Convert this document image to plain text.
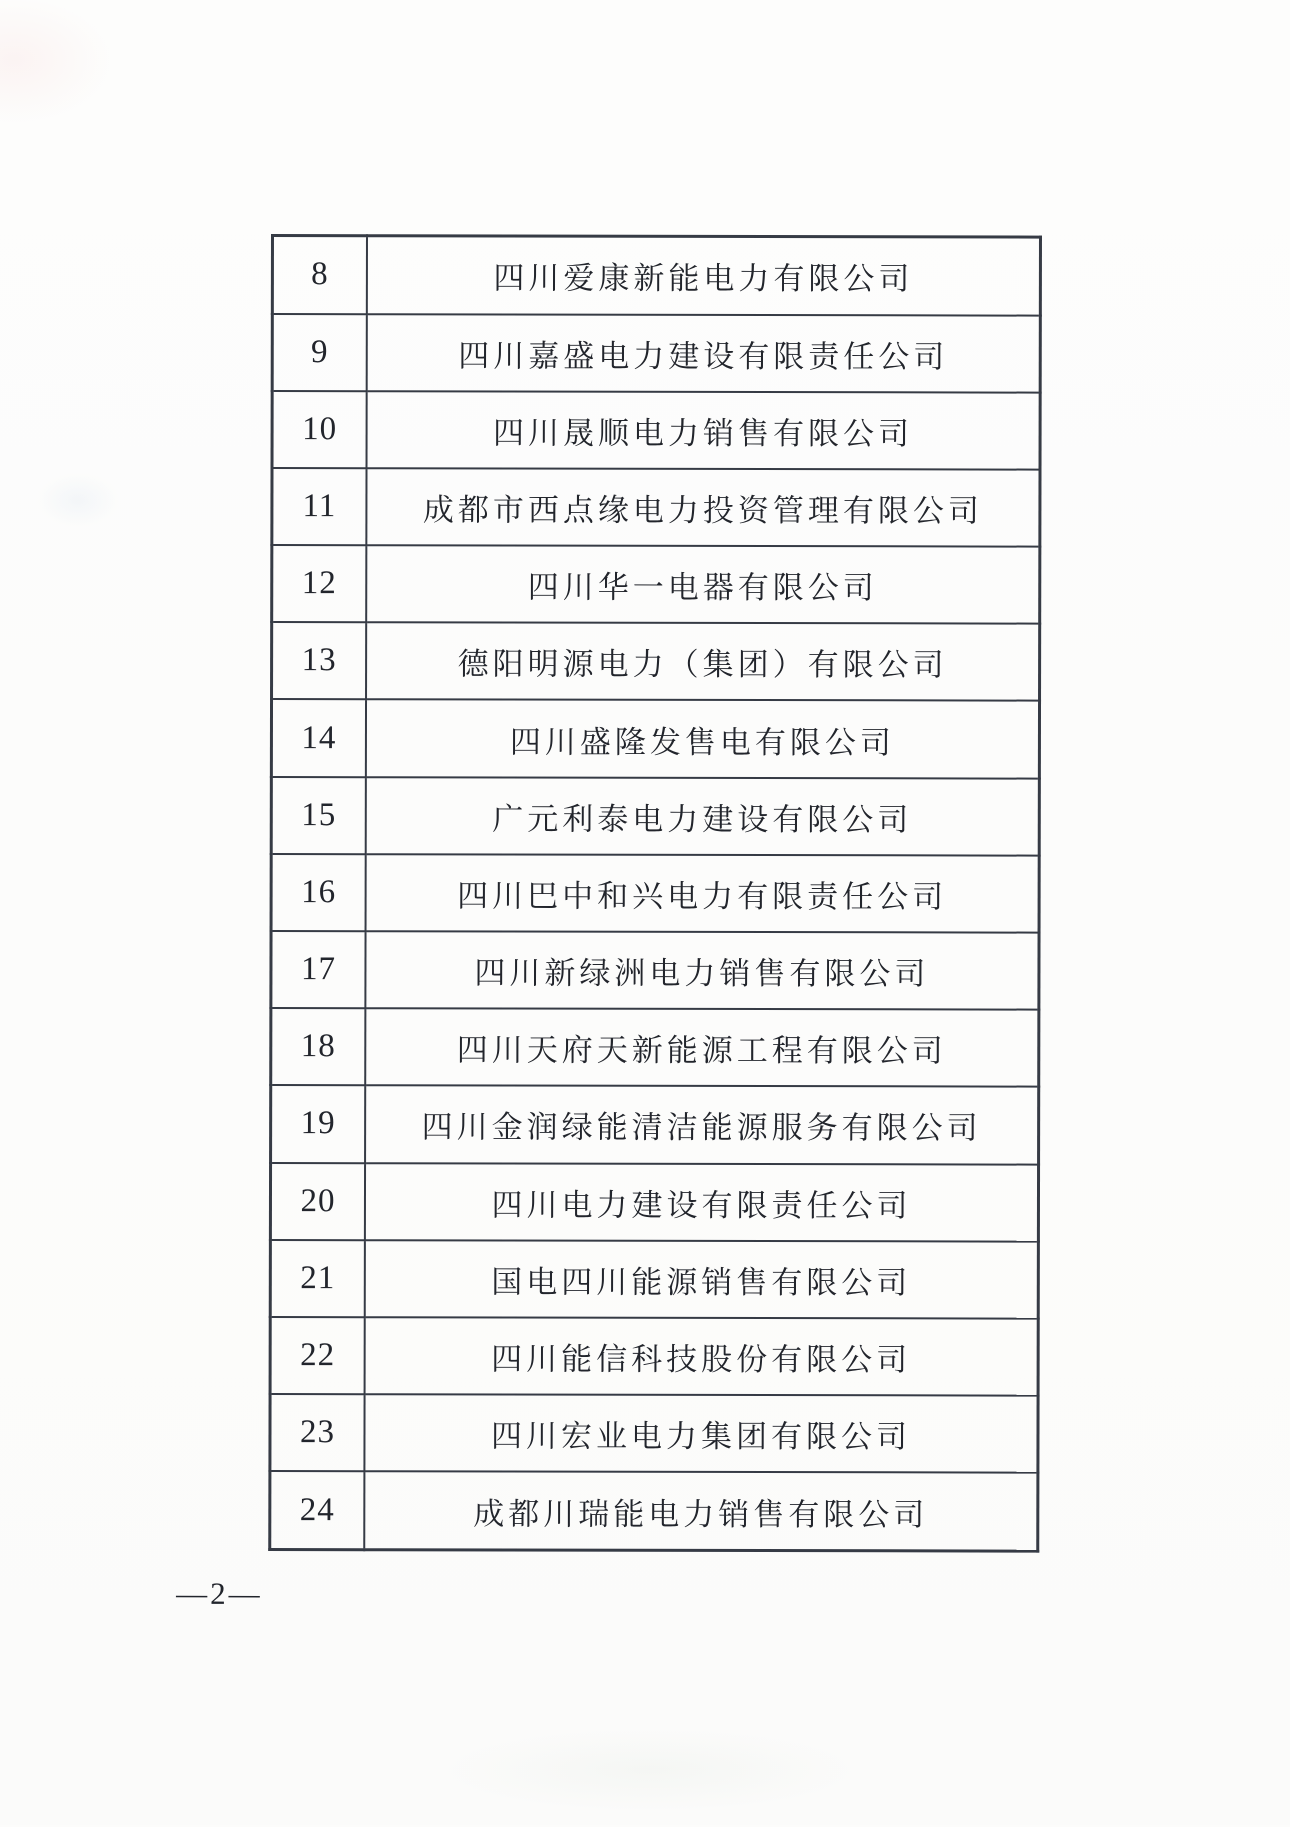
8	四川爱康新能电力有限公司
9	四川嘉盛电力建设有限责任公司
10	四川晟顺电力销售有限公司
11	成都市西点缘电力投资管理有限公司
12	四川华一电器有限公司
13	德阳明源电力（集团）有限公司
14	四川盛隆发售电有限公司
15	广元利泰电力建设有限公司
16	四川巴中和兴电力有限责任公司
17	四川新绿洲电力销售有限公司
18	四川天府天新能源工程有限公司
19	四川金润绿能清洁能源服务有限公司
20	四川电力建设有限责任公司
21	国电四川能源销售有限公司
22	四川能信科技股份有限公司
23	四川宏业电力集团有限公司
24	成都川瑞能电力销售有限公司
—2—
